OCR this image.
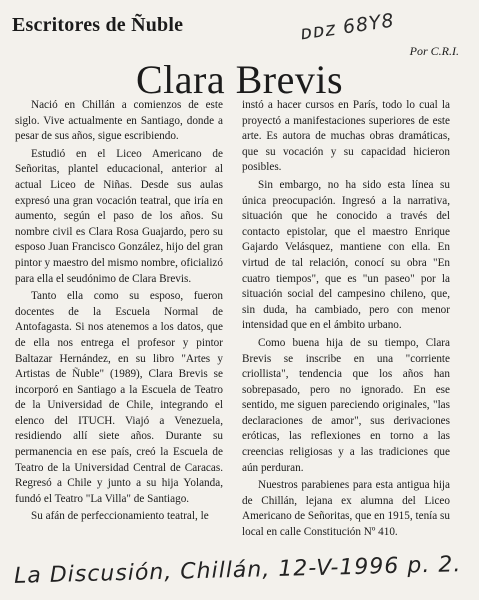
Escritores de Ñuble	ᴅᴅᴢ 68Y8
Por C.R.I.
Clara Brevis

Nació en Chillán a comienzos de este siglo. Vive actualmente en Santiago, donde a pesar de sus años, sigue escribiendo.

Estudió en el Liceo Americano de Señoritas, plantel educacional, anterior al actual Liceo de Niñas. Desde sus aulas expresó una gran vocación teatral, que iría en aumento, según el paso de los años. Su nombre civil es Clara Rosa Guajardo, pero su esposo Juan Francisco González, hijo del gran pintor y maestro del mismo nombre, oficializó para ella el seudónimo de Clara Brevis.

Tanto ella como su esposo, fueron docentes de la Escuela Normal de Antofagasta. Si nos atenemos a los datos, que de ella nos entrega el profesor y pintor Baltazar Hernández, en su libro "Artes y Artistas de Ñuble" (1989), Clara Brevis se incorporó en Santiago a la Escuela de Teatro de la Universidad de Chile, integrando el elenco del ITUCH. Viajó a Venezuela, residiendo allí siete años. Durante su permanencia en ese país, creó la Escuela de Teatro de la Universidad Central de Caracas. Regresó a Chile y junto a su hija Yolanda, fundó el Teatro "La Villa" de Santiago.

Su afán de perfeccionamiento teatral, le

instó a hacer cursos en París, todo lo cual la proyectó a manifestaciones superiores de este arte. Es autora de muchas obras dramáticas, que su vocación y su capacidad hicieron posibles.

Sin embargo, no ha sido esta línea su única preocupación. Ingresó a la narrativa, situación que he conocido a través del contacto epistolar, que el maestro Enrique Gajardo Velásquez, mantiene con ella. En virtud de tal relación, conocí su obra "En cuatro tiempos", que es "un paseo" por la situación social del campesino chileno, que, sin duda, ha cambiado, pero con menor intensidad que en el ámbito urbano.

Como buena hija de su tiempo, Clara Brevis se inscribe en una "corriente criollista", tendencia que los años han sobrepasado, pero no ignorado. En ese sentido, me siguen pareciendo originales, "las declaraciones de amor", sus derivaciones eróticas, las reflexiones en torno a las creencias religiosas y a las tradiciones que aún perduran.

Nuestros parabienes para esta antigua hija de Chillán, lejana ex alumna del Liceo Americano de Señoritas, que en 1915, tenía su local en calle Constitución Nº 410.

La Discusión, Chillán, 12-V-1996 p. 2.
